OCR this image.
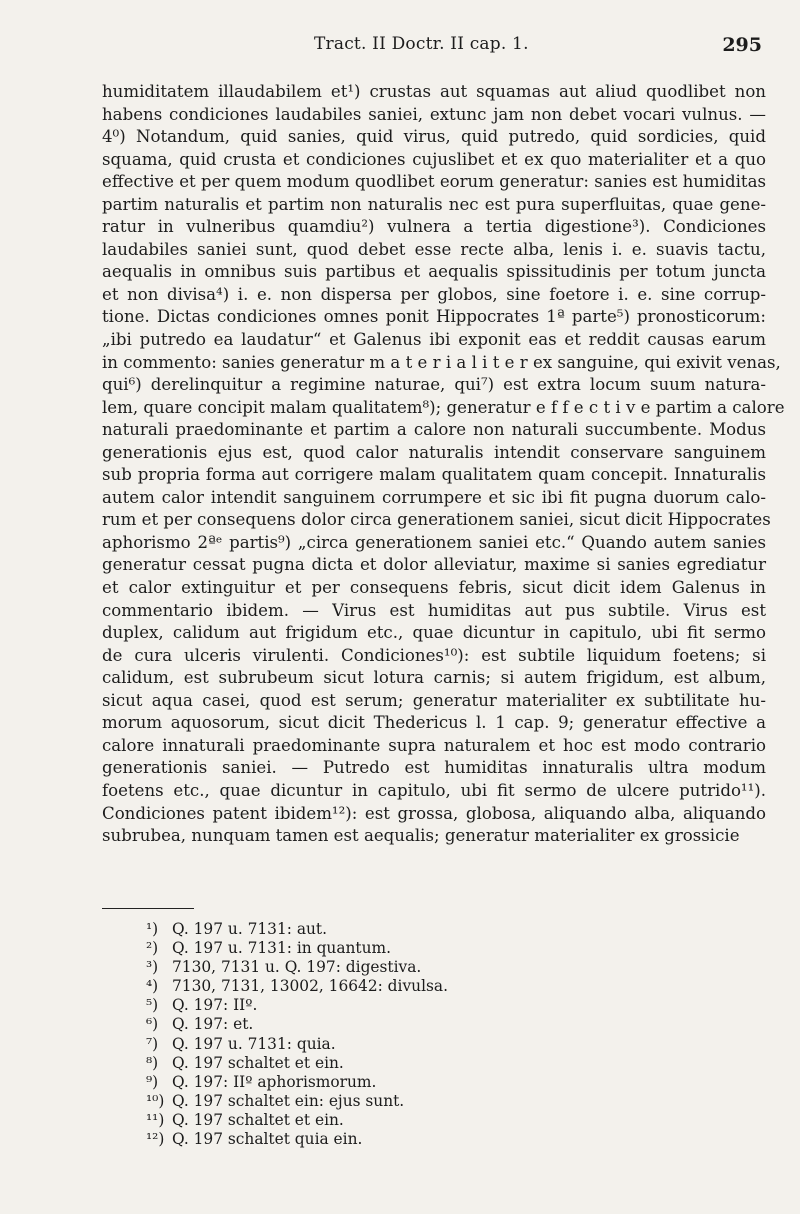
Tract. II Doctr. II cap. 1.	295
humiditatem illaudabilem et¹) crustas aut squamas aut aliud quodlibet non
habens condiciones laudabiles saniei, extunc jam non debet vocari vulnus. —
4⁰) Notandum, quid sanies, quid virus, quid putredo, quid sordicies, quid
squama, quid crusta et condiciones cujuslibet et ex quo materialiter et a quo
effective et per quem modum quodlibet eorum generatur: sanies est humiditas
partim naturalis et partim non naturalis nec est pura superfluitas, quae gene-
ratur in vulneribus quamdiu²) vulnera a tertia digestione³). Condiciones
laudabiles saniei sunt, quod debet esse recte alba, lenis i. e. suavis tactu,
aequalis in omnibus suis partibus et aequalis spissitudinis per totum juncta
et non divisa⁴) i. e. non dispersa per globos, sine foetore i. e. sine corrup-
tione. Dictas condiciones omnes ponit Hippocrates 1ª parte⁵) pronosticorum:
„ibi putredo ea laudatur“ et Galenus ibi exponit eas et reddit causas earum
in commento: sanies generatur m a t e r i a l i t e r ex sanguine, qui exivit venas,
qui⁶) derelinquitur a regimine naturae, qui⁷) est extra locum suum natura-
lem, quare concipit malam qualitatem⁸); generatur e f f e c t i v e partim a calore
naturali praedominante et partim a calore non naturali succumbente. Modus
generationis ejus est, quod calor naturalis intendit conservare sanguinem
sub propria forma aut corrigere malam qualitatem quam concepit. Innaturalis
autem calor intendit sanguinem corrumpere et sic ibi fit pugna duorum calo-
rum et per consequens dolor circa generationem saniei, sicut dicit Hippocrates
aphorismo 2ªᵉ partis⁹) „circa generationem saniei etc.“ Quando autem sanies
generatur cessat pugna dicta et dolor alleviatur, maxime si sanies egrediatur
et calor extinguitur et per consequens febris, sicut dicit idem Galenus in
commentario ibidem. — Virus est humiditas aut pus subtile. Virus est
duplex, calidum aut frigidum etc., quae dicuntur in capitulo, ubi fit sermo
de cura ulceris virulenti. Condiciones¹⁰): est subtile liquidum foetens; si
calidum, est subrubeum sicut lotura carnis; si autem frigidum, est album,
sicut aqua casei, quod est serum; generatur materialiter ex subtilitate hu-
morum aquosorum, sicut dicit Thedericus l. 1 cap. 9; generatur effective a
calore innaturali praedominante supra naturalem et hoc est modo contrario
generationis saniei. — Putredo est humiditas innaturalis ultra modum
foetens etc., quae dicuntur in capitulo, ubi fit sermo de ulcere putrido¹¹).
Condiciones patent ibidem¹²): est grossa, globosa, aliquando alba, aliquando
subrubea, nunquam tamen est aequalis; generatur materialiter ex grossicie
¹) Q. 197 u. 7131: aut.
²) Q. 197 u. 7131: in quantum.
³) 7130, 7131 u. Q. 197: digestiva.
⁴) 7130, 7131, 13002, 16642: divulsa.
⁵) Q. 197: IIº.
⁶) Q. 197: et.
⁷) Q. 197 u. 7131: quia.
⁸) Q. 197 schaltet et ein.
⁹) Q. 197: IIº aphorismorum.
¹⁰) Q. 197 schaltet ein: ejus sunt.
¹¹) Q. 197 schaltet et ein.
¹²) Q. 197 schaltet quia ein.
